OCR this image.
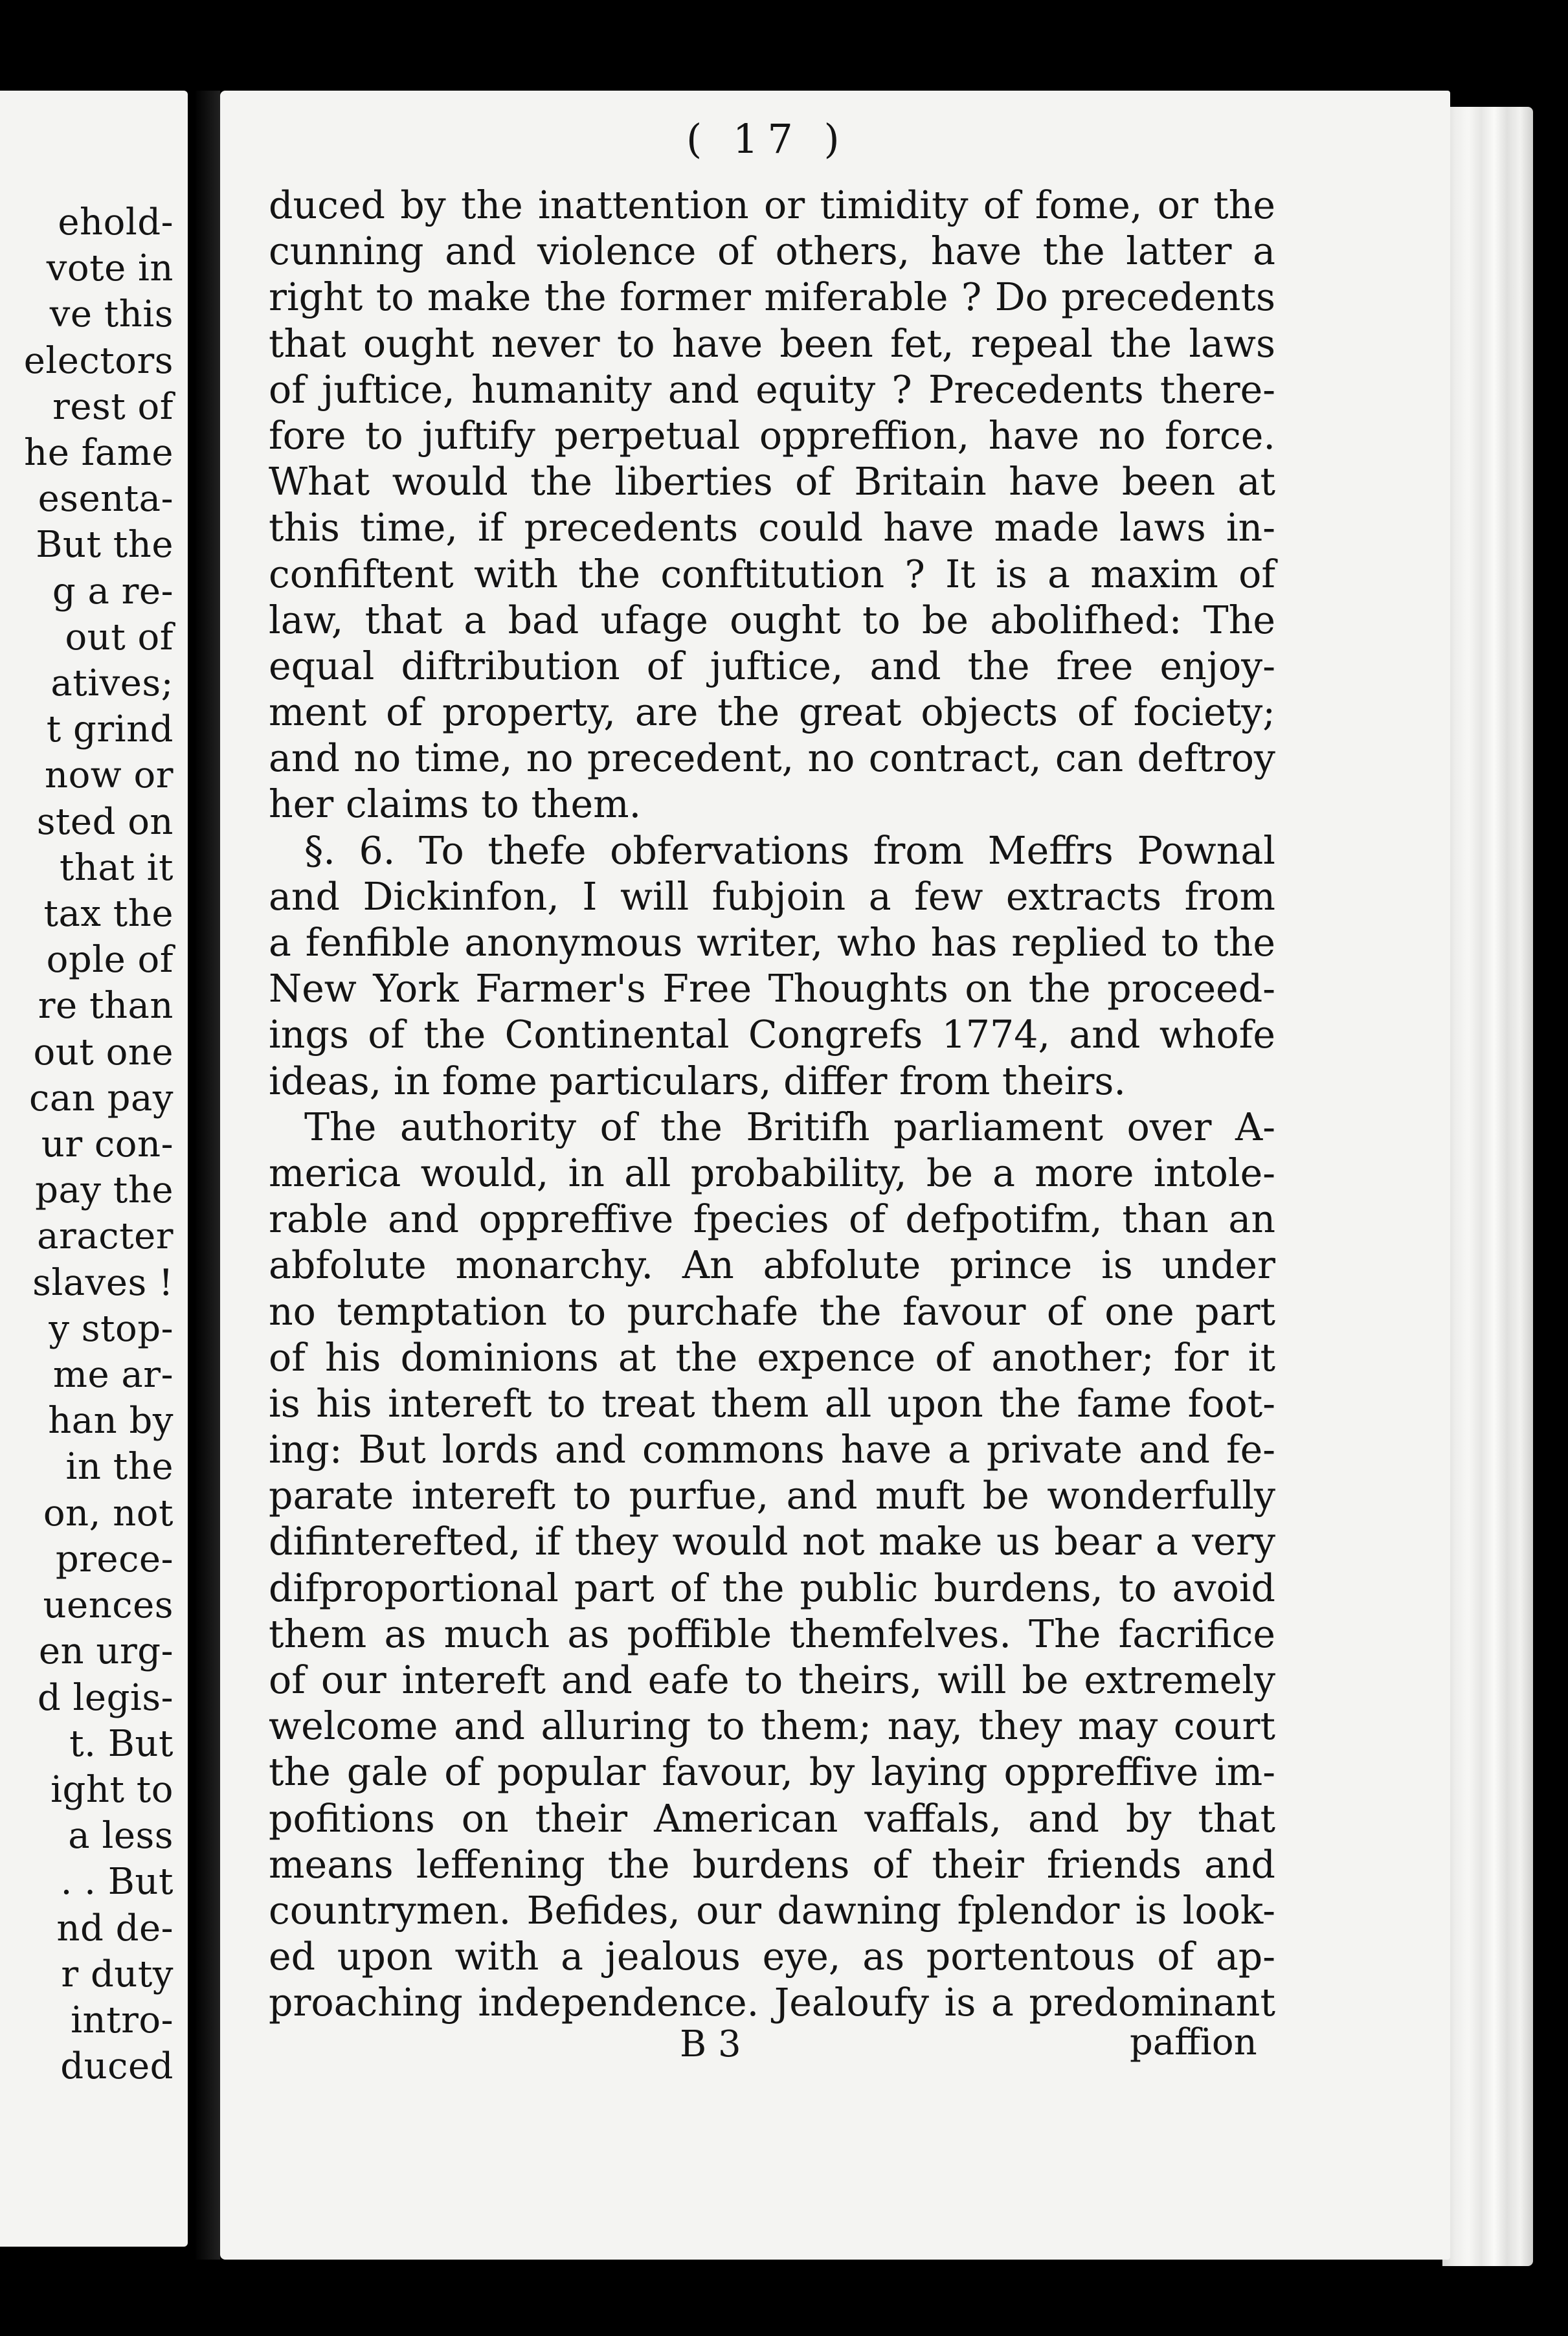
ehold-
vote in
ve this
electors
rest of
he fame
esenta-
But the
g a re-
out of
atives;
t grind
now or
sted on
that it
tax the
ople of
re than
out one
can pay
ur con-
pay the
aracter
slaves !
y stop-
me ar-
han by
in the
on, not
prece-
uences
en urg-
d legis-
t. But
ight to
a less
. . But
nd de-
r duty
intro-
duced
( 17 )
duced by the inattention or timidity of fome, or the
cunning and violence of others, have the latter a
right to make the former miferable ? Do precedents
that ought never to have been fet, repeal the laws
of juftice, humanity and equity ? Precedents there-
fore to juftify perpetual oppreffion, have no force.
What would the liberties of Britain have been at
this time, if precedents could have made laws in-
confiftent with the conftitution ? It is a maxim of
law, that a bad ufage ought to be abolifhed: The
equal diftribution of juftice, and the free enjoy-
ment of property, are the great objects of fociety;
and no time, no precedent, no contract, can deftroy
her claims to them.
§. 6. To thefe obfervations from Meffrs Pownal
and Dickinfon, I will fubjoin a few extracts from
a fenfible anonymous writer, who has replied to the
New York Farmer's Free Thoughts on the proceed-
ings of the Continental Congrefs 1774, and whofe
ideas, in fome particulars, differ from theirs.
The authority of the Britifh parliament over A-
merica would, in all probability, be a more intole-
rable and oppreffive fpecies of defpotifm, than an
abfolute monarchy. An abfolute prince is under
no temptation to purchafe the favour of one part
of his dominions at the expence of another; for it
is his intereft to treat them all upon the fame foot-
ing: But lords and commons have a private and fe-
parate intereft to purfue, and muft be wonderfully
difinterefted, if they would not make us bear a very
difproportional part of the public burdens, to avoid
them as much as poffible themfelves. The facrifice
of our intereft and eafe to theirs, will be extremely
welcome and alluring to them; nay, they may court
the gale of popular favour, by laying oppreffive im-
pofitions on their American vaffals, and by that
means leffening the burdens of their friends and
countrymen. Befides, our dawning fplendor is look-
ed upon with a jealous eye, as portentous of ap-
proaching independence. Jealoufy is a predominant
B 3	paffion
